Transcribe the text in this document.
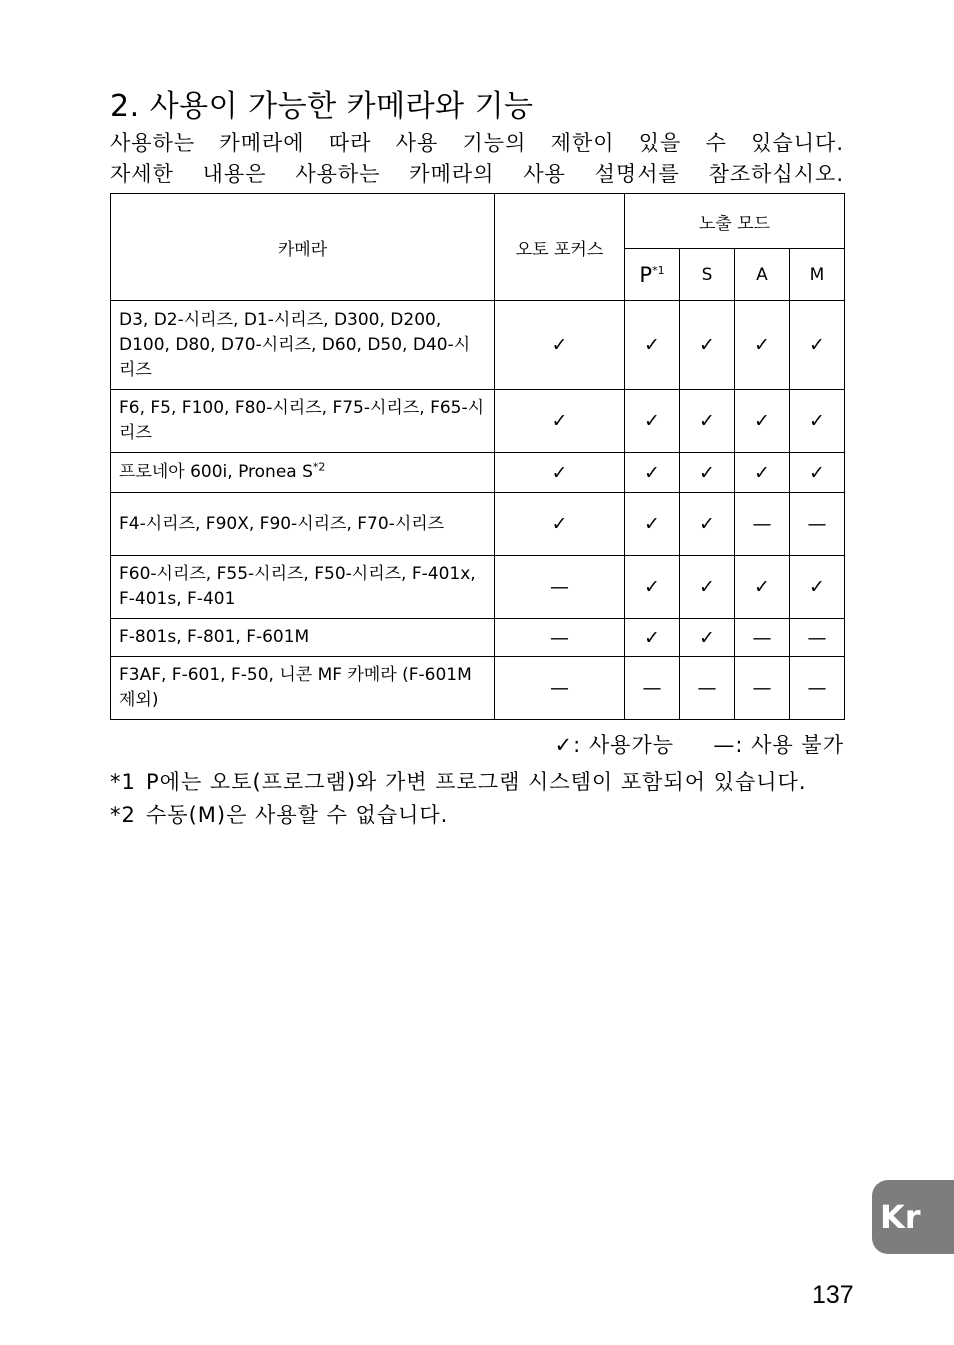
2. 사용이 가능한 카메라와 기능

사용하는 카메라에 따라 사용 기능의 제한이 있을 수 있습니다.

자세한 내용은 사용하는 카메라의 사용 설명서를 참조하십시오.

카메라	오토 포커스	노출 모드			
		$P^{*1}$	S	A	M
D3, D2-시리즈, D1-시리즈, D300, D200, D100, D80, D70-시리즈, D60, D50, D40-시리즈	✓	✓	✓	✓	✓
F6, F5, F100, F80-시리즈, F75-시리즈, F65-시리즈	✓	✓	✓	✓	✓
프로네아 600i, Pronea $S^{*2}$	✓	✓	✓	✓	✓
F4-시리즈, F90X, F90-시리즈, F70-시리즈	✓	✓	✓	—	—
F60-시리즈, F55-시리즈, F50-시리즈, F-401x, F-401s, F-401	—	✓	✓	✓	✓
F-801s, F-801, F-601M	—	✓	✓	—	—
F3AF, F-601, F-50, 니콘 MF 카메라 (F-601M 제외)	—	—	—	—	—
✓: 사용가능 —: 사용 불가
*1 P에는 오토(프로그램)와 가변 프로그램 시스템이 포함되어 있습니다.
*2 수동(M)은 사용할 수 없습니다.
Kr
137
